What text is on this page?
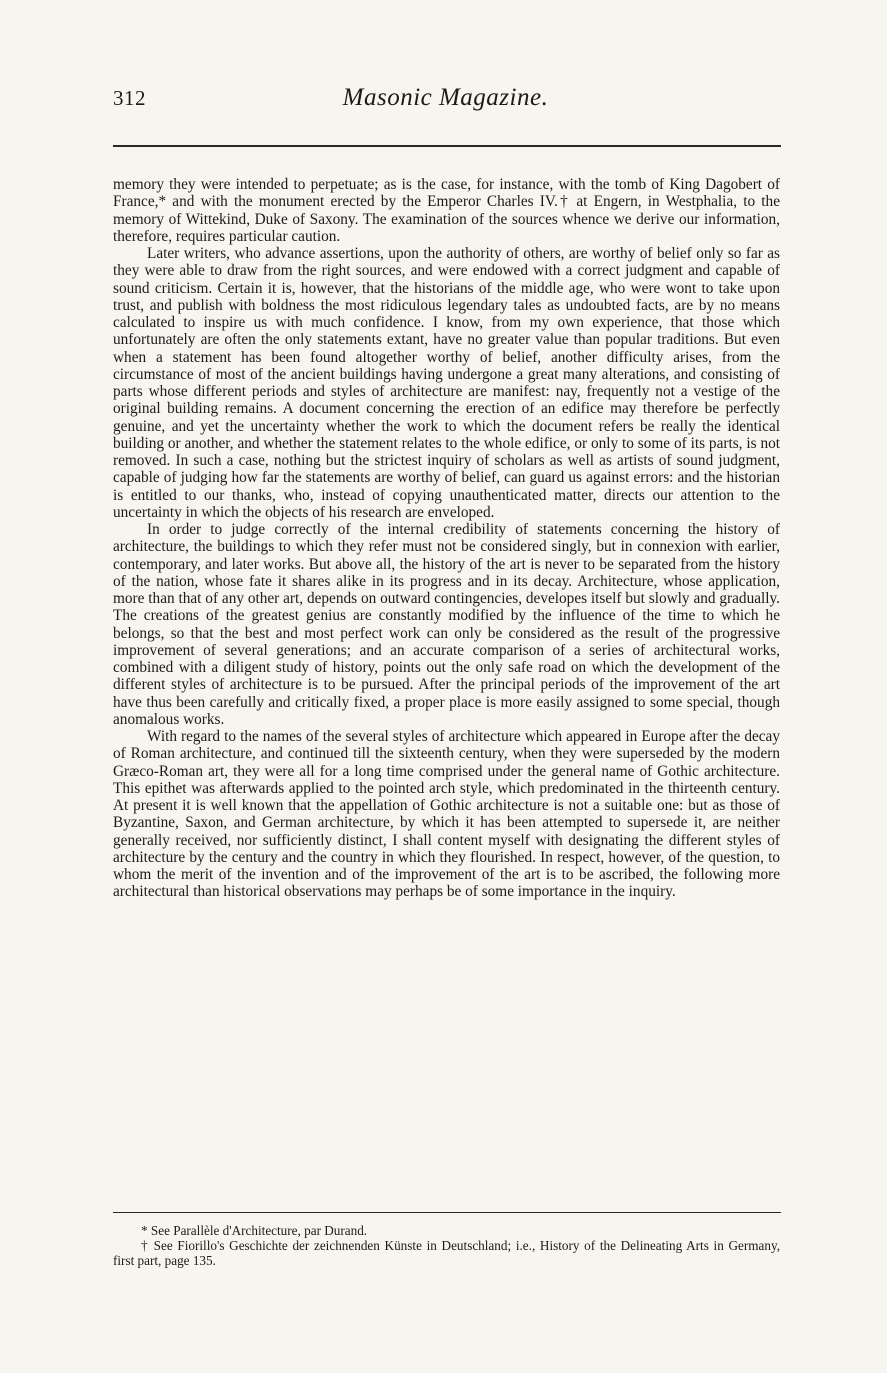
312	Masonic Magazine.

memory they were intended to perpetuate; as is the case, for instance, with the tomb of King Dagobert of France,* and with the monument erected by the Emperor Charles IV.† at Engern, in Westphalia, to the memory of Wittekind, Duke of Saxony. The examination of the sources whence we derive our information, therefore, requires particular caution.

Later writers, who advance assertions, upon the authority of others, are worthy of belief only so far as they were able to draw from the right sources, and were endowed with a correct judgment and capable of sound criticism. Certain it is, however, that the historians of the middle age, who were wont to take upon trust, and publish with boldness the most ridiculous legendary tales as undoubted facts, are by no means calculated to inspire us with much confidence. I know, from my own experience, that those which unfortunately are often the only statements extant, have no greater value than popular traditions. But even when a statement has been found altogether worthy of belief, another difficulty arises, from the circumstance of most of the ancient buildings having undergone a great many alterations, and consisting of parts whose different periods and styles of architecture are manifest: nay, frequently not a vestige of the original building remains. A document concerning the erection of an edifice may therefore be perfectly genuine, and yet the uncertainty whether the work to which the document refers be really the identical building or another, and whether the statement relates to the whole edifice, or only to some of its parts, is not removed. In such a case, nothing but the strictest inquiry of scholars as well as artists of sound judgment, capable of judging how far the statements are worthy of belief, can guard us against errors: and the historian is entitled to our thanks, who, instead of copying unauthenticated matter, directs our attention to the uncertainty in which the objects of his research are enveloped.

In order to judge correctly of the internal credibility of statements concerning the history of architecture, the buildings to which they refer must not be considered singly, but in connexion with earlier, contemporary, and later works. But above all, the history of the art is never to be separated from the history of the nation, whose fate it shares alike in its progress and in its decay. Architecture, whose application, more than that of any other art, depends on outward contingencies, developes itself but slowly and gradually. The creations of the greatest genius are constantly modified by the influence of the time to which he belongs, so that the best and most perfect work can only be considered as the result of the progressive improvement of several generations; and an accurate comparison of a series of architectural works, combined with a diligent study of history, points out the only safe road on which the development of the different styles of architecture is to be pursued. After the principal periods of the improvement of the art have thus been carefully and critically fixed, a proper place is more easily assigned to some special, though anomalous works.

With regard to the names of the several styles of architecture which appeared in Europe after the decay of Roman architecture, and continued till the sixteenth century, when they were superseded by the modern Græco-Roman art, they were all for a long time comprised under the general name of Gothic architecture. This epithet was afterwards applied to the pointed arch style, which predominated in the thirteenth century. At present it is well known that the appellation of Gothic architecture is not a suitable one: but as those of Byzantine, Saxon, and German architecture, by which it has been attempted to supersede it, are neither generally received, nor sufficiently distinct, I shall content myself with designating the different styles of architecture by the century and the country in which they flourished. In respect, however, of the question, to whom the merit of the invention and of the improvement of the art is to be ascribed, the following more architectural than historical observations may perhaps be of some importance in the inquiry.

* See Parallèle d'Architecture, par Durand.

† See Fiorillo's Geschichte der zeichnenden Künste in Deutschland; i.e., History of the Delineating Arts in Germany, first part, page 135.
